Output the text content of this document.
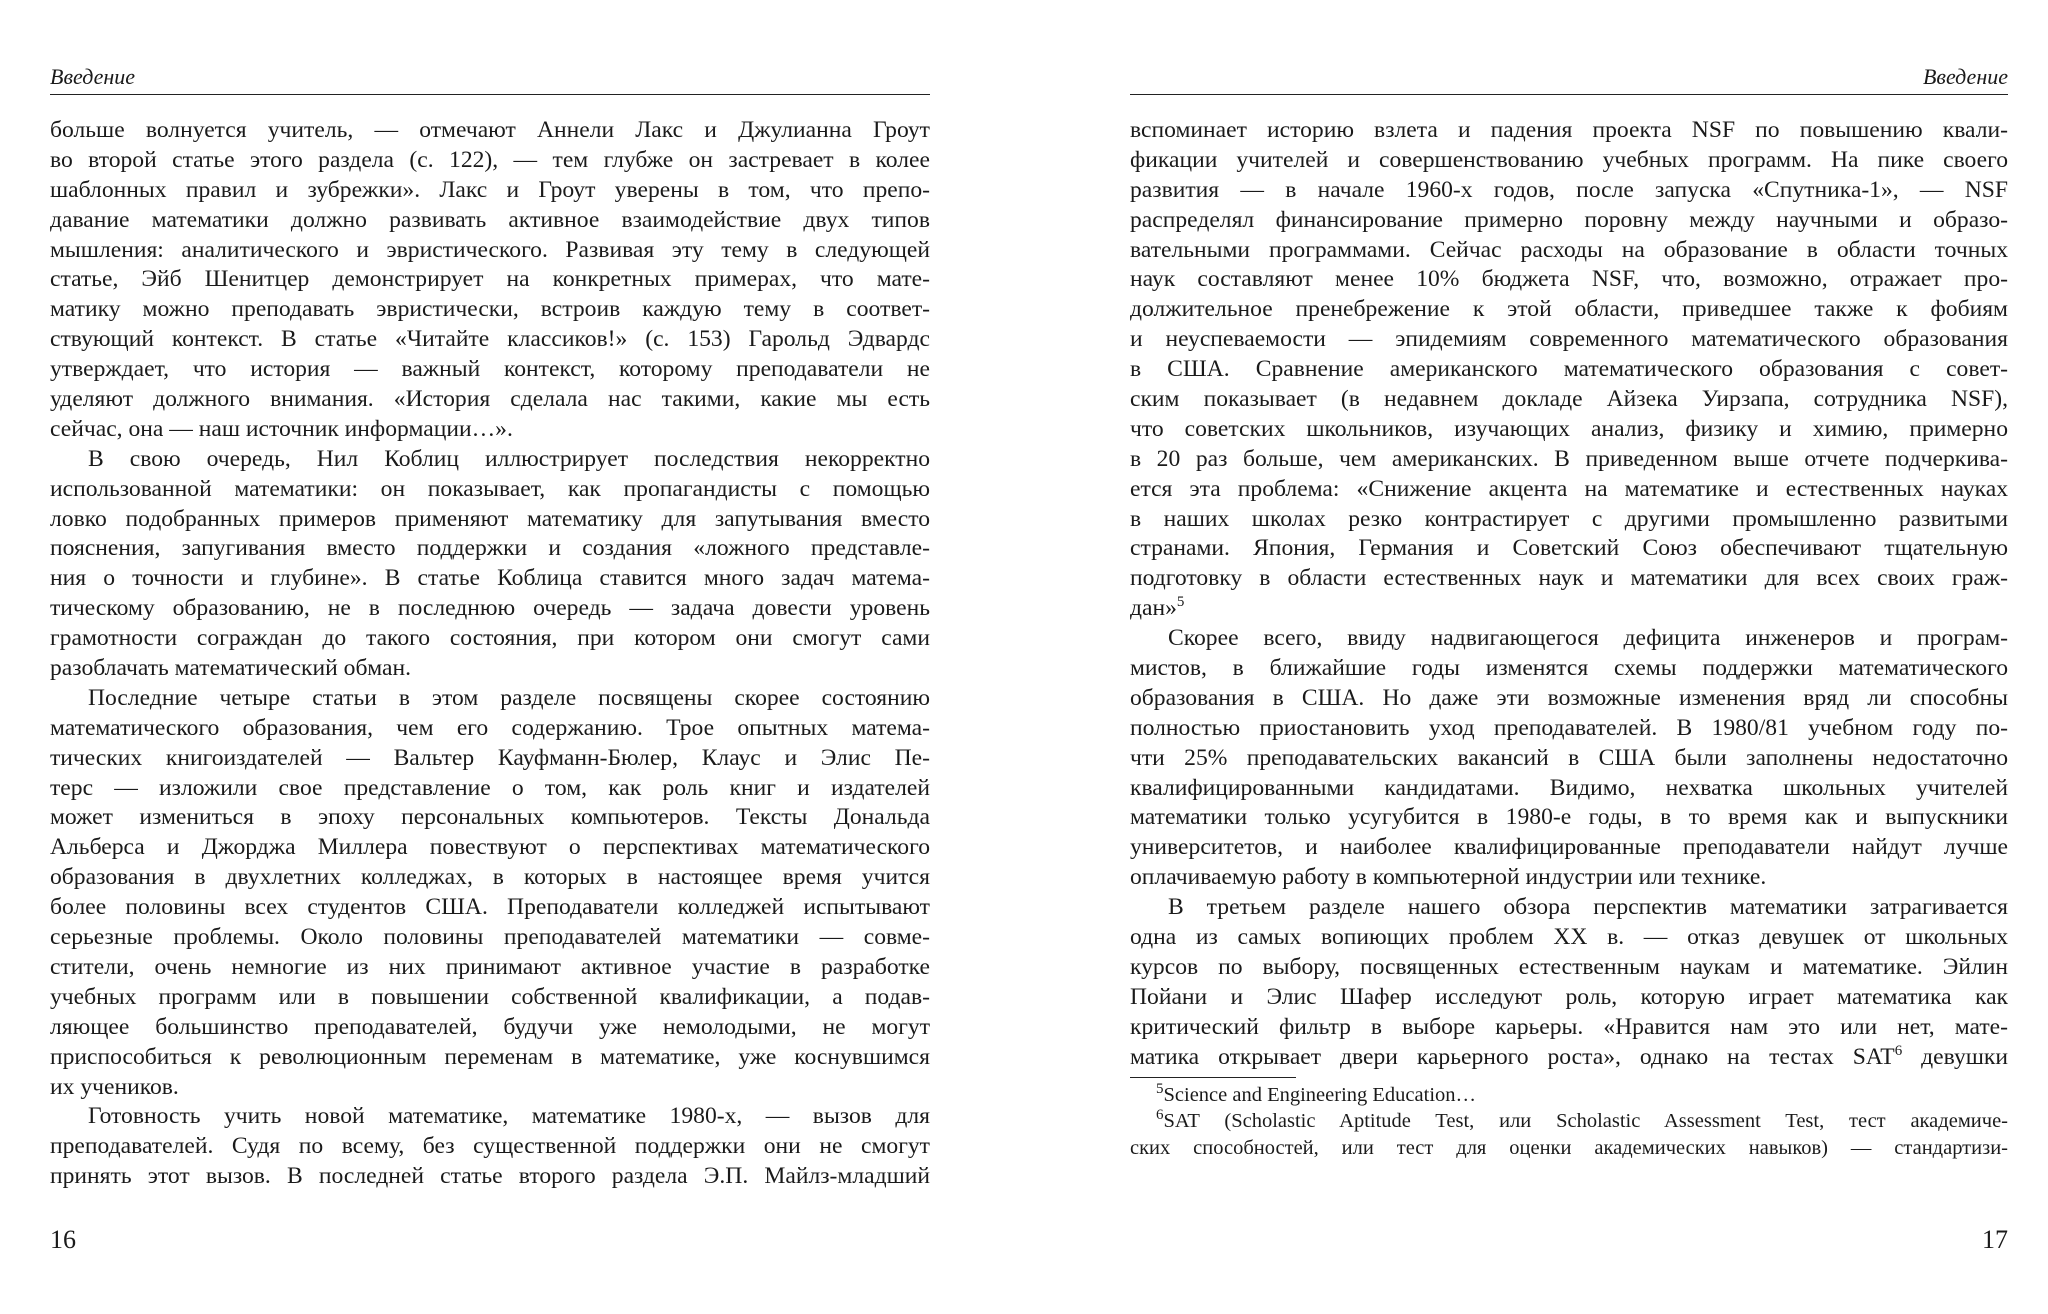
Введение
больше волнуется учитель, — отмечают Аннели Лакс и Джулианна Гроут
во второй статье этого раздела (с. 122), — тем глубже он застревает в колее
шаблонных правил и зубрежки». Лакс и Гроут уверены в том, что препо-
давание математики должно развивать активное взаимодействие двух типов
мышления: аналитического и эвристического. Развивая эту тему в следующей
статье, Эйб Шенитцер демонстрирует на конкретных примерах, что мате-
матику можно преподавать эвристически, встроив каждую тему в соответ-
ствующий контекст. В статье «Читайте классиков!» (с. 153) Гарольд Эдвардс
утверждает, что история — важный контекст, которому преподаватели не
уделяют должного внимания. «История сделала нас такими, какие мы есть
сейчас, она — наш источник информации…».
В свою очередь, Нил Коблиц иллюстрирует последствия некорректно
использованной математики: он показывает, как пропагандисты с помощью
ловко подобранных примеров применяют математику для запутывания вместо
пояснения, запугивания вместо поддержки и создания «ложного представле-
ния о точности и глубине». В статье Коблица ставится много задач матема-
тическому образованию, не в последнюю очередь — задача довести уровень
грамотности сограждан до такого состояния, при котором они смогут сами
разоблачать математический обман.
Последние четыре статьи в этом разделе посвящены скорее состоянию
математического образования, чем его содержанию. Трое опытных матема-
тических книгоиздателей — Вальтер Кауфманн-Бюлер, Клаус и Элис Пе-
терс — изложили свое представление о том, как роль книг и издателей
может измениться в эпоху персональных компьютеров. Тексты Дональда
Альберса и Джорджа Миллера повествуют о перспективах математического
образования в двухлетних колледжах, в которых в настоящее время учится
более половины всех студентов США. Преподаватели колледжей испытывают
серьезные проблемы. Около половины преподавателей математики — совме-
стители, очень немногие из них принимают активное участие в разработке
учебных программ или в повышении собственной квалификации, а подав-
ляющее большинство преподавателей, будучи уже немолодыми, не могут
приспособиться к революционным переменам в математике, уже коснувшимся
их учеников.
Готовность учить новой математике, математике 1980-х, — вызов для
преподавателей. Судя по всему, без существенной поддержки они не смогут
принять этот вызов. В последней статье второго раздела Э.П. Майлз-младший
16
Введение
вспоминает историю взлета и падения проекта NSF по повышению квали-
фикации учителей и совершенствованию учебных программ. На пике своего
развития — в начале 1960-х годов, после запуска «Спутника-1», — NSF
распределял финансирование примерно поровну между научными и образо-
вательными программами. Сейчас расходы на образование в области точных
наук составляют менее 10% бюджета NSF, что, возможно, отражает про-
должительное пренебрежение к этой области, приведшее также к фобиям
и неуспеваемости — эпидемиям современного математического образования
в США. Сравнение американского математического образования с совет-
ским показывает (в недавнем докладе Айзека Уирзапа, сотрудника NSF),
что советских школьников, изучающих анализ, физику и химию, примерно
в 20 раз больше, чем американских. В приведенном выше отчете подчеркива-
ется эта проблема: «Снижение акцента на математике и естественных науках
в наших школах резко контрастирует с другими промышленно развитыми
странами. Япония, Германия и Советский Союз обеспечивают тщательную
подготовку в области естественных наук и математики для всех своих граж-
дан»$^5$
Скорее всего, ввиду надвигающегося дефицита инженеров и програм-
мистов, в ближайшие годы изменятся схемы поддержки математического
образования в США. Но даже эти возможные изменения вряд ли способны
полностью приостановить уход преподавателей. В 1980/81 учебном году по-
чти 25% преподавательских вакансий в США были заполнены недостаточно
квалифицированными кандидатами. Видимо, нехватка школьных учителей
математики только усугубится в 1980-е годы, в то время как и выпускники
университетов, и наиболее квалифицированные преподаватели найдут лучше
оплачиваемую работу в компьютерной индустрии или технике.
В третьем разделе нашего обзора перспектив математики затрагивается
одна из самых вопиющих проблем XX в. — отказ девушек от школьных
курсов по выбору, посвященных естественным наукам и математике. Эйлин
Пойани и Элис Шафер исследуют роль, которую играет математика как
критический фильтр в выборе карьеры. «Нравится нам это или нет, мате-
матика открывает двери карьерного роста», однако на тестах SAT$^6$ девушки
$^5$Science and Engineering Education…
$^6$SAT (Scholastic Aptitude Test, или Scholastic Assessment Test, тест академиче-
ских способностей, или тест для оценки академических навыков) — стандартизи-
17
